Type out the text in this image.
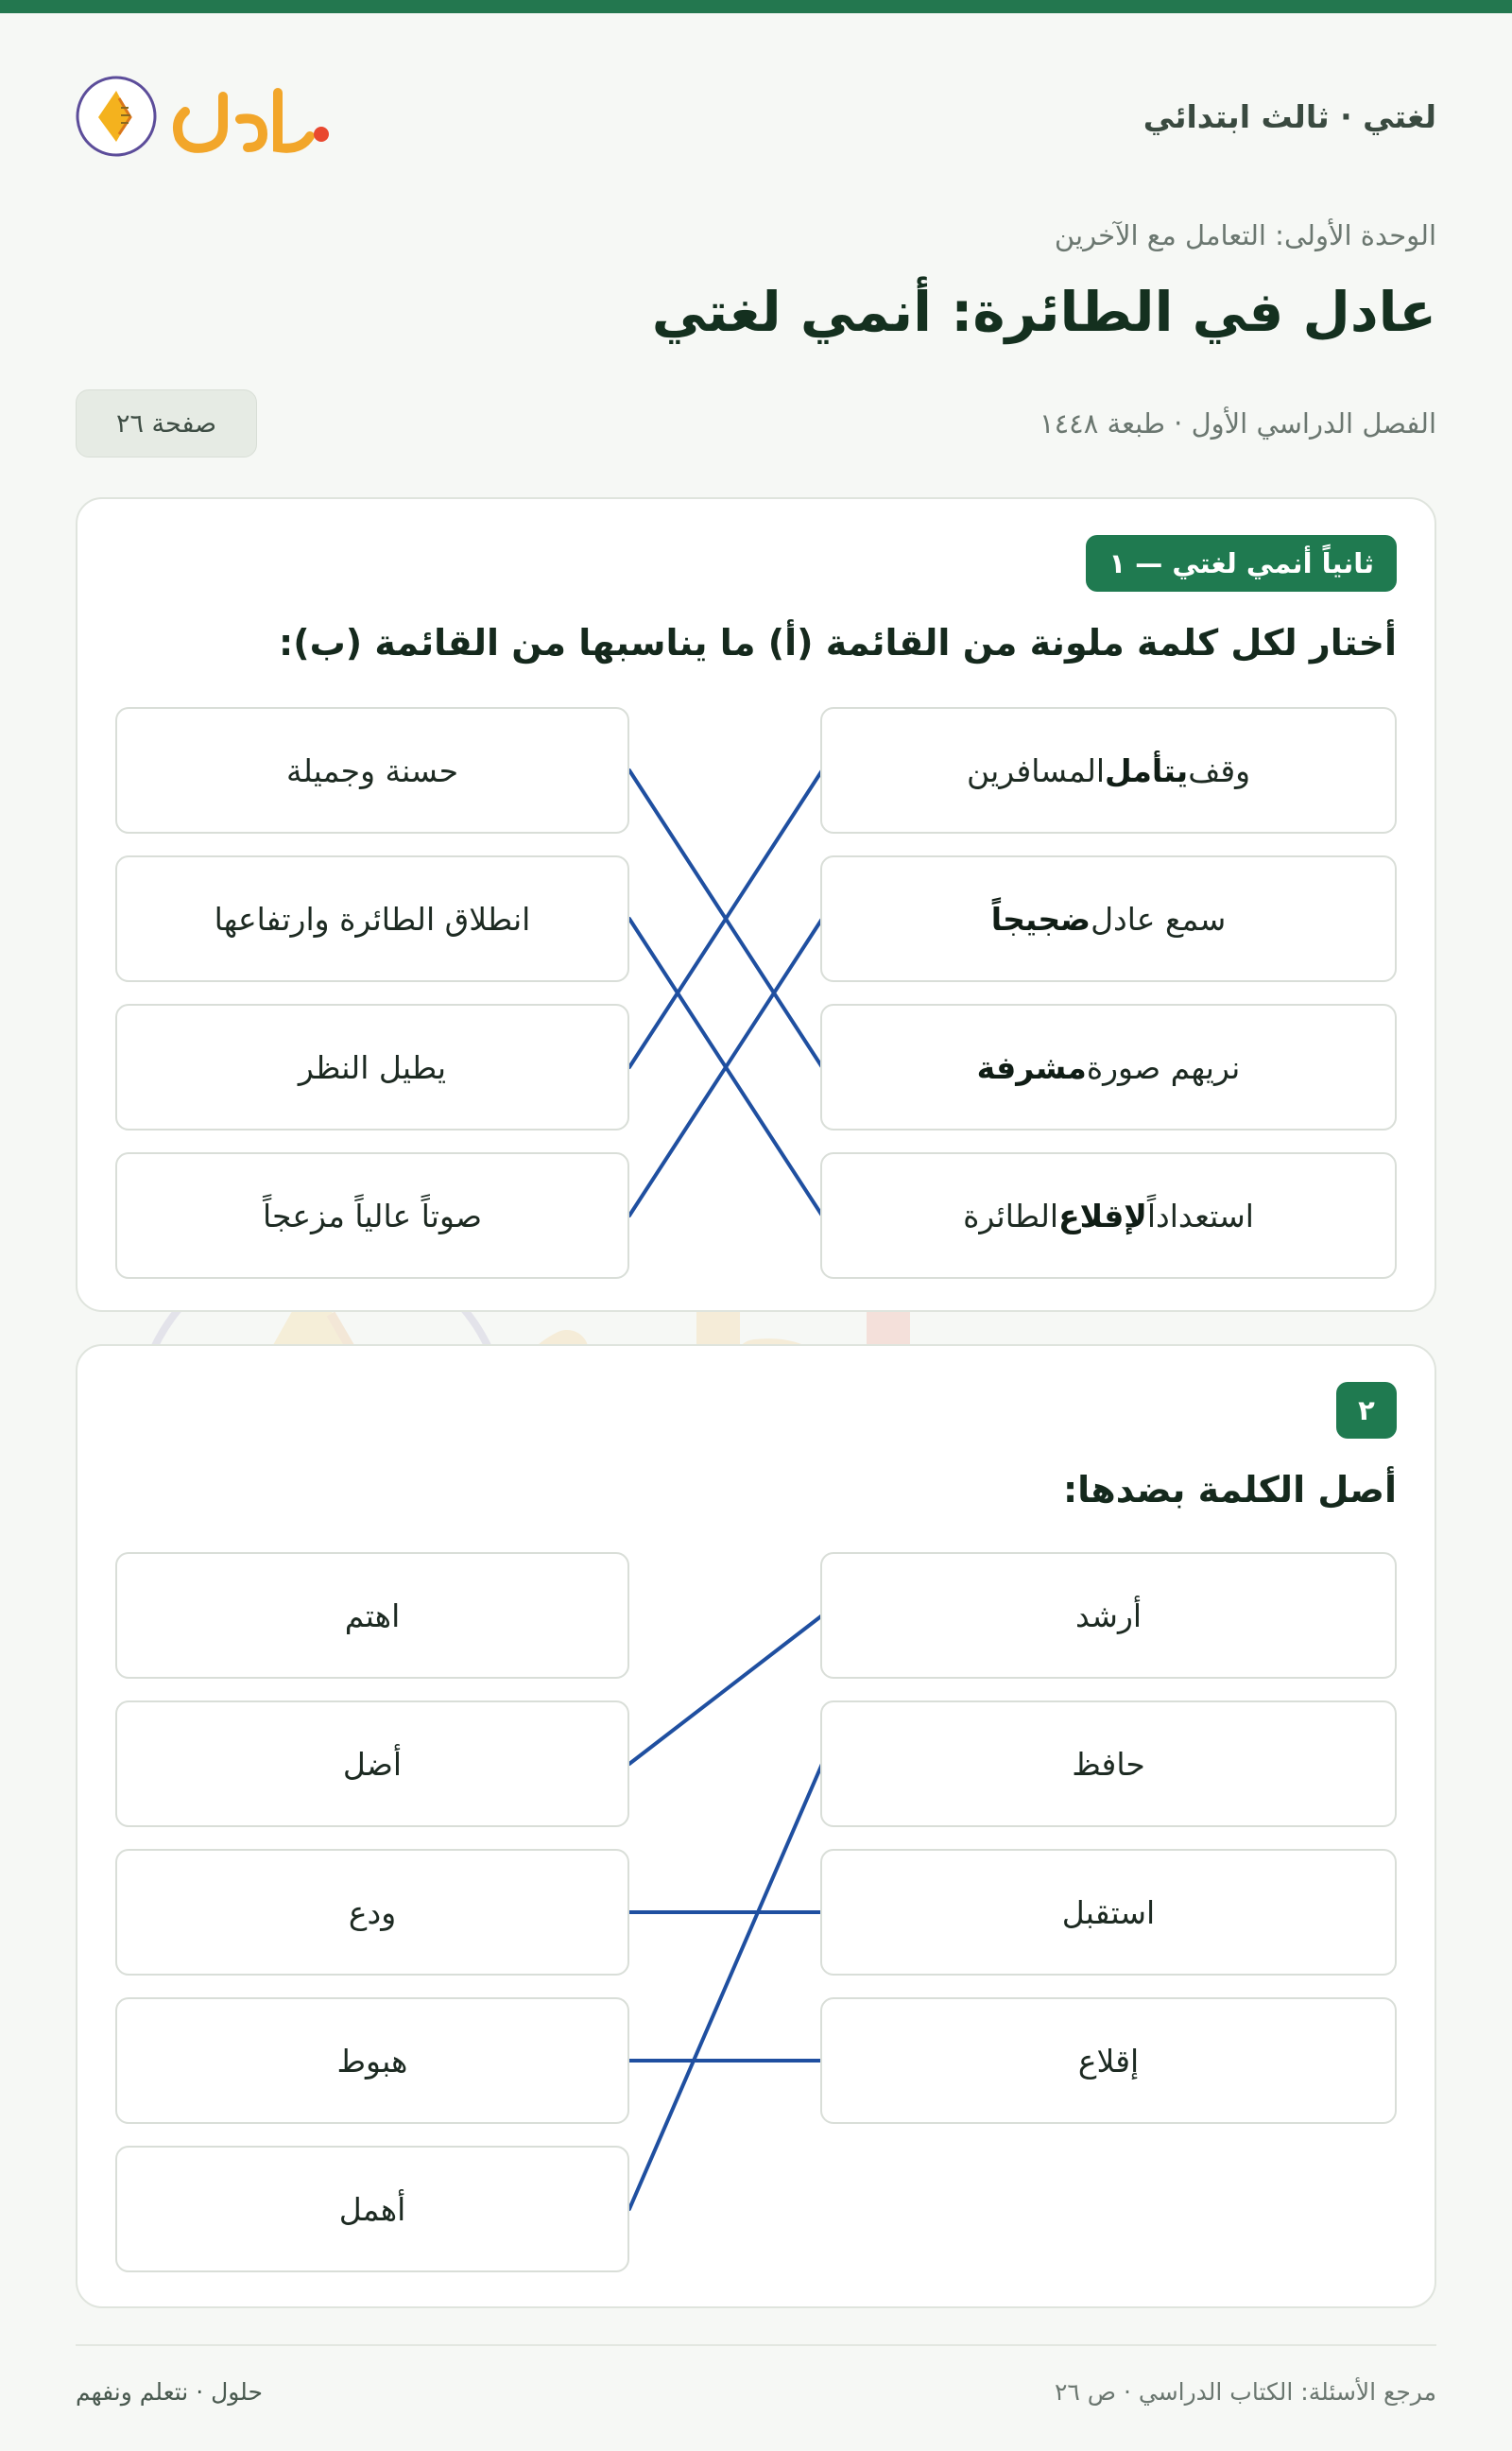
لغتي · ثالث ابتدائي
الوحدة الأولى: التعامل مع الآخرين
عادل في الطائرة: أنمي لغتي
الفصل الدراسي الأول · طبعة ١٤٤٨
صفحة ٢٦
ثانياً أنمي لغتي — ١
أختار لكل كلمة ملونة من القائمة (أ) ما يناسبها من القائمة (ب):
وقف
يتأمل
المسافرين
سمع عادل
ضجيجاً
نريهم صورة
مشرفة
استعداداً
لإقلاع
الطائرة
حسنة وجميلة
انطلاق الطائرة وارتفاعها
يطيل النظر
صوتاً عالياً مزعجاً
٢
أصل الكلمة بضدها:
أرشد
حافظ
استقبل
إقلاع
اهتم
أضل
ودع
هبوط
أهمل
مرجع الأسئلة: الكتاب الدراسي · ص ٢٦
حلول · نتعلم ونفهم
